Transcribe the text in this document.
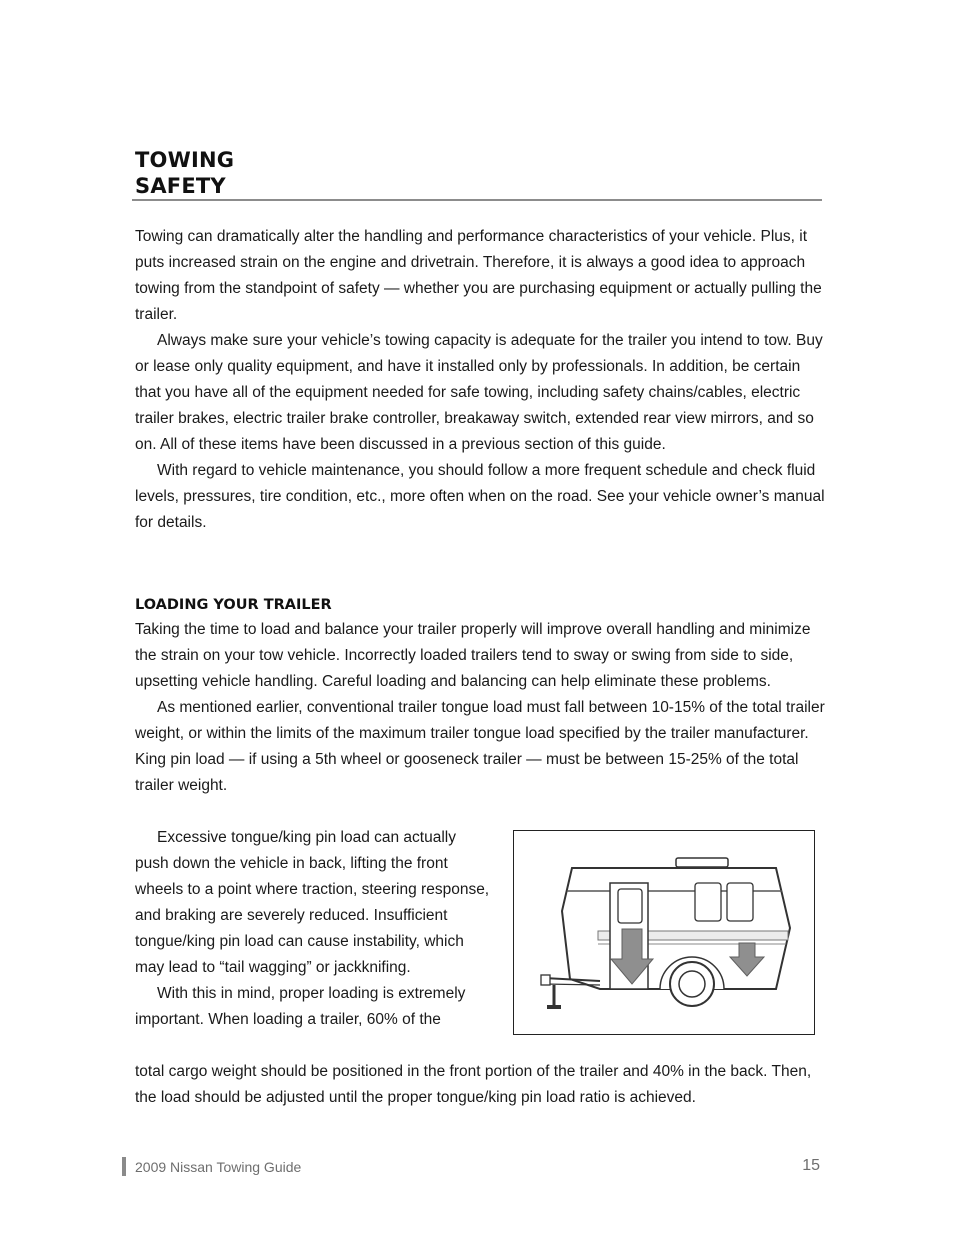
TOWING
SAFETY

Towing can dramatically alter the handling and performance characteristics of your vehicle. Plus, it puts increased strain on the engine and drivetrain. Therefore, it is always a good idea to approach towing from the standpoint of safety — whether you are purchasing equipment or actually pulling the trailer.

Always make sure your vehicle’s towing capacity is adequate for the trailer you intend to tow. Buy or lease only quality equipment, and have it installed only by professionals. In addition, be certain that you have all of the equipment needed for safe towing, including safety chains/cables, electric trailer brakes, electric trailer brake controller, breakaway switch, extended rear view mirrors, and so on. All of these items have been discussed in a previous section of this guide.

With regard to vehicle maintenance, you should follow a more frequent schedule and check fluid levels, pressures, tire condition, etc., more often when on the road. See your vehicle owner’s manual for details.

LOADING YOUR TRAILER

Taking the time to load and balance your trailer properly will improve overall handling and minimize the strain on your tow vehicle. Incorrectly loaded trailers tend to sway or swing from side to side, upsetting vehicle handling. Careful loading and balancing can help eliminate these problems.

As mentioned earlier, conventional trailer tongue load must fall between 10-15% of the total trailer weight, or within the limits of the maximum trailer tongue load specified by the trailer manufacturer. King pin load — if using a 5th wheel or gooseneck trailer — must be between 15-25% of the total trailer weight.

Excessive tongue/king pin load can actually push down the vehicle in back, lifting the front wheels to a point where traction, steering response, and braking are severely reduced. Insufficient tongue/king pin load can cause instability, which may lead to “tail wagging” or jackknifing.

With this in mind, proper loading is extremely important. When loading a trailer, 60% of the

total cargo weight should be positioned in the front portion of the trailer and 40% in the back. Then, the load should be adjusted until the proper tongue/king pin load ratio is achieved.

2009 Nissan Towing Guide	15
